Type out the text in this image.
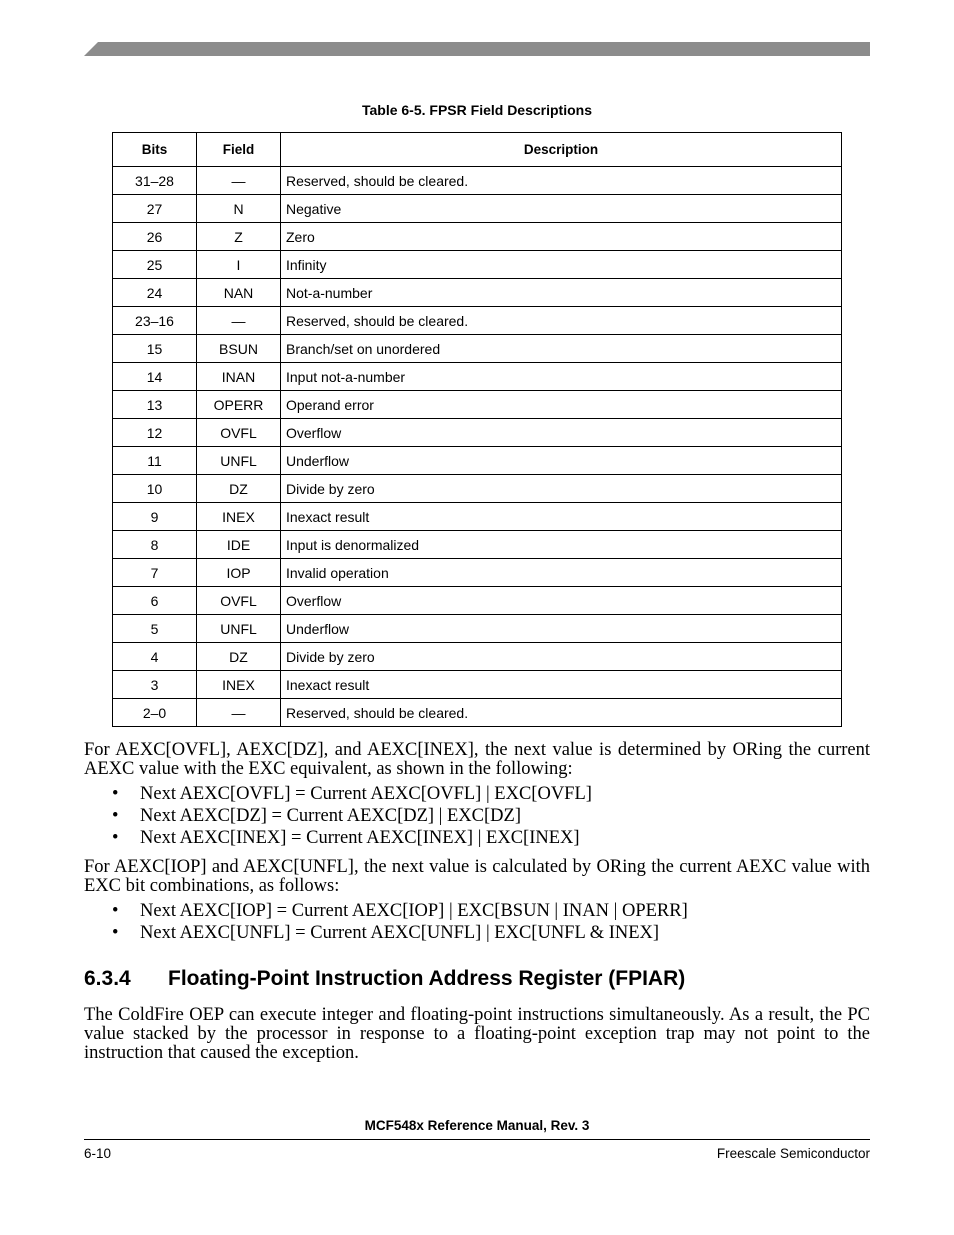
Table 6-5. FPSR Field Descriptions
Bits	Field	Description
31–28	—	Reserved, should be cleared.
27	N	Negative
26	Z	Zero
25	I	Infinity
24	NAN	Not-a-number
23–16	—	Reserved, should be cleared.
15	BSUN	Branch/set on unordered
14	INAN	Input not-a-number
13	OPERR	Operand error
12	OVFL	Overflow
11	UNFL	Underflow
10	DZ	Divide by zero
9	INEX	Inexact result
8	IDE	Input is denormalized
7	IOP	Invalid operation
6	OVFL	Overflow
5	UNFL	Underflow
4	DZ	Divide by zero
3	INEX	Inexact result
2–0	—	Reserved, should be cleared.
For AEXC[OVFL], AEXC[DZ], and AEXC[INEX], the next value is determined by ORing the current AEXC value with the EXC equivalent, as shown in the following:
• Next AEXC[OVFL] = Current AEXC[OVFL] | EXC[OVFL]
• Next AEXC[DZ] = Current AEXC[DZ] | EXC[DZ]
• Next AEXC[INEX] = Current AEXC[INEX] | EXC[INEX]
For AEXC[IOP] and AEXC[UNFL], the next value is calculated by ORing the current AEXC value with EXC bit combinations, as follows:
• Next AEXC[IOP] = Current AEXC[IOP] | EXC[BSUN | INAN | OPERR]
• Next AEXC[UNFL] = Current AEXC[UNFL] | EXC[UNFL & INEX]
6.3.4 Floating-Point Instruction Address Register (FPIAR)
The ColdFire OEP can execute integer and floating-point instructions simultaneously. As a result, the PC value stacked by the processor in response to a floating-point exception trap may not point to the instruction that caused the exception.
MCF548x Reference Manual, Rev. 3
6-10	Freescale Semiconductor
